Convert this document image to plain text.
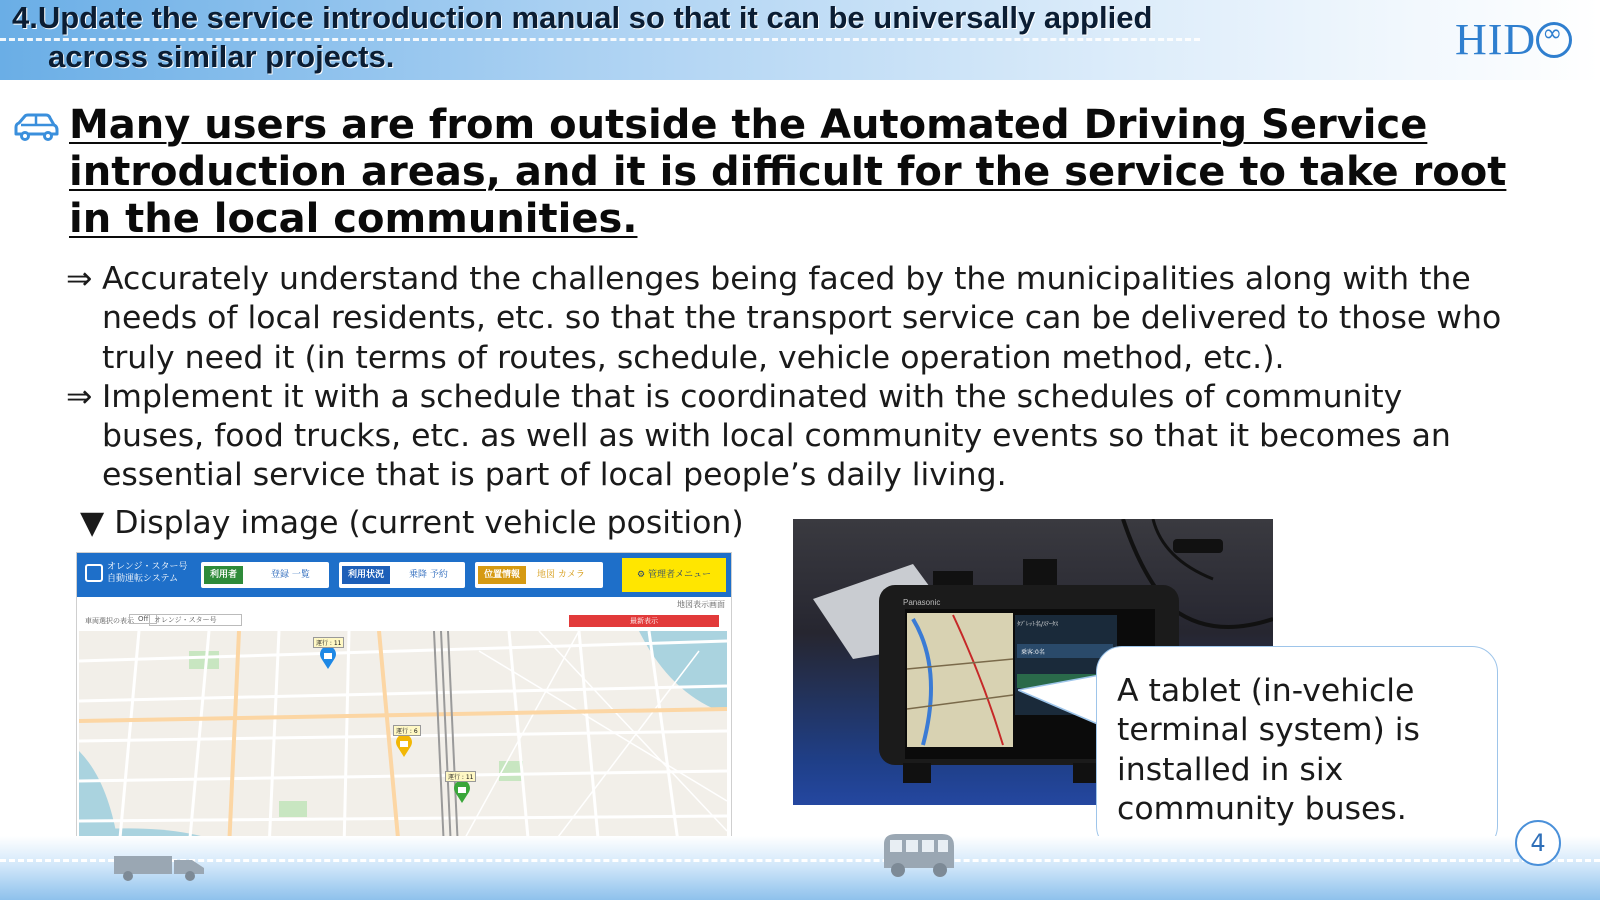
4.Update the service introduction manual so that it can be universally applied
across similar projects.	HID∞
Many users are from outside the Automated Driving Service introduction areas, and it is difficult for the service to take root in the local communities.
⇒ Accurately understand the challenges being faced by the municipalities along with the needs of local residents, etc. so that the transport service can be delivered to those who truly need it (in terms of routes, schedule, vehicle operation method, etc.).
⇒ Implement it with a schedule that is coordinated with the schedules of community buses, food trucks, etc. as well as with local community events so that it becomes an essential service that is part of local people’s daily living.
▼ Display image (current vehicle position)
オレンジ・スター号
自動運転システム	利用者	登録 一覧	利用状況	乗降 予約	位置情報	地図 カメラ	⚙ 管理者メニュー
地図表示画面
車両選択の表示 Off オレンジ・スター号	最新表示
運行 : 11
運行 : 6
運行 : 11
Panasonic
ﾀﾌﾞﾚｯﾄ名/ｽﾃｰﾀｽ
乗客:0名
A tablet (in-vehicle terminal system) is installed in six community buses.
4
